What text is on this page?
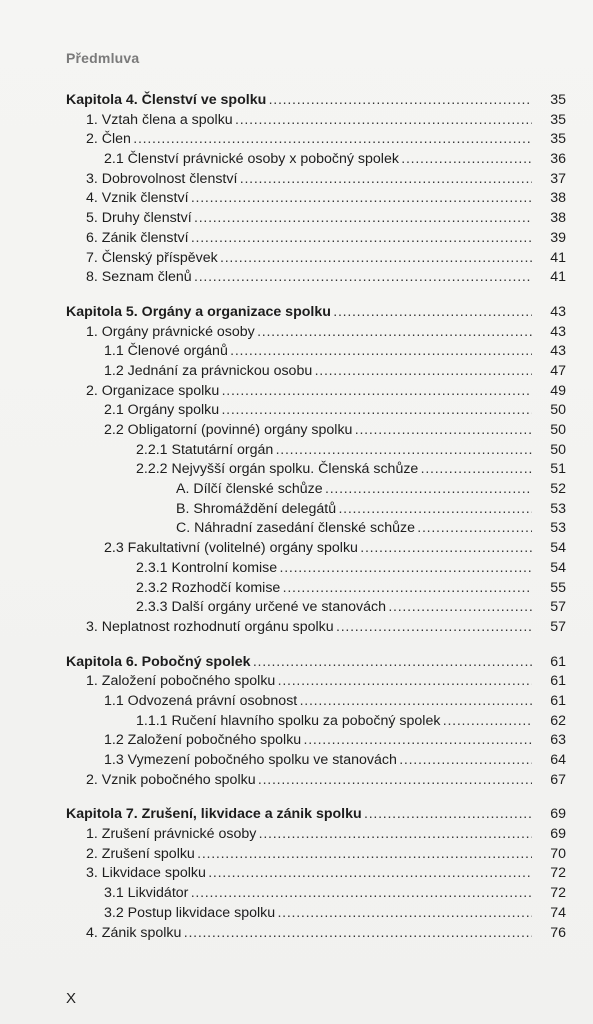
Předmluva
Kapitola 4. Členství ve spolku . . .	35
1. Vztah člena a spolku . . .	35
2. Člen . . .	35
2.1 Členství právnické osoby x pobočný spolek . . .	36
3. Dobrovolnost členství . . .	37
4. Vznik členství . . .	38
5. Druhy členství . . .	38
6. Zánik členství . . .	39
7. Členský příspěvek . . .	41
8. Seznam členů . . .	41
Kapitola 5. Orgány a organizace spolku . . .	43
1. Orgány právnické osoby . . .	43
1.1 Členové orgánů . . .	43
1.2 Jednání za právnickou osobu . . .	47
2. Organizace spolku . . .	49
2.1 Orgány spolku . . .	50
2.2 Obligatorní (povinné) orgány spolku . . .	50
2.2.1 Statutární orgán . . .	50
2.2.2 Nejvyšší orgán spolku. Členská schůze . . .	51
A. Dílčí členské schůze . . .	52
B. Shromáždění delegátů . . .	53
C. Náhradní zasedání členské schůze . . .	53
2.3 Fakultativní (volitelné) orgány spolku . . .	54
2.3.1 Kontrolní komise . . .	54
2.3.2 Rozhodčí komise . . .	55
2.3.3 Další orgány určené ve stanovách . . .	57
3. Neplatnost rozhodnutí orgánu spolku . . .	57
Kapitola 6. Pobočný spolek . . .	61
1. Založení pobočného spolku . . .	61
1.1 Odvozená právní osobnost . . .	61
1.1.1 Ručení hlavního spolku za pobočný spolek . . .	62
1.2 Založení pobočného spolku . . .	63
1.3 Vymezení pobočného spolku ve stanovách . . .	64
2. Vznik pobočného spolku . . .	67
Kapitola 7. Zrušení, likvidace a zánik spolku . . .	69
1. Zrušení právnické osoby . . .	69
2. Zrušení spolku . . .	70
3. Likvidace spolku . . .	72
3.1 Likvidátor . . .	72
3.2 Postup likvidace spolku . . .	74
4. Zánik spolku . . .	76
X
